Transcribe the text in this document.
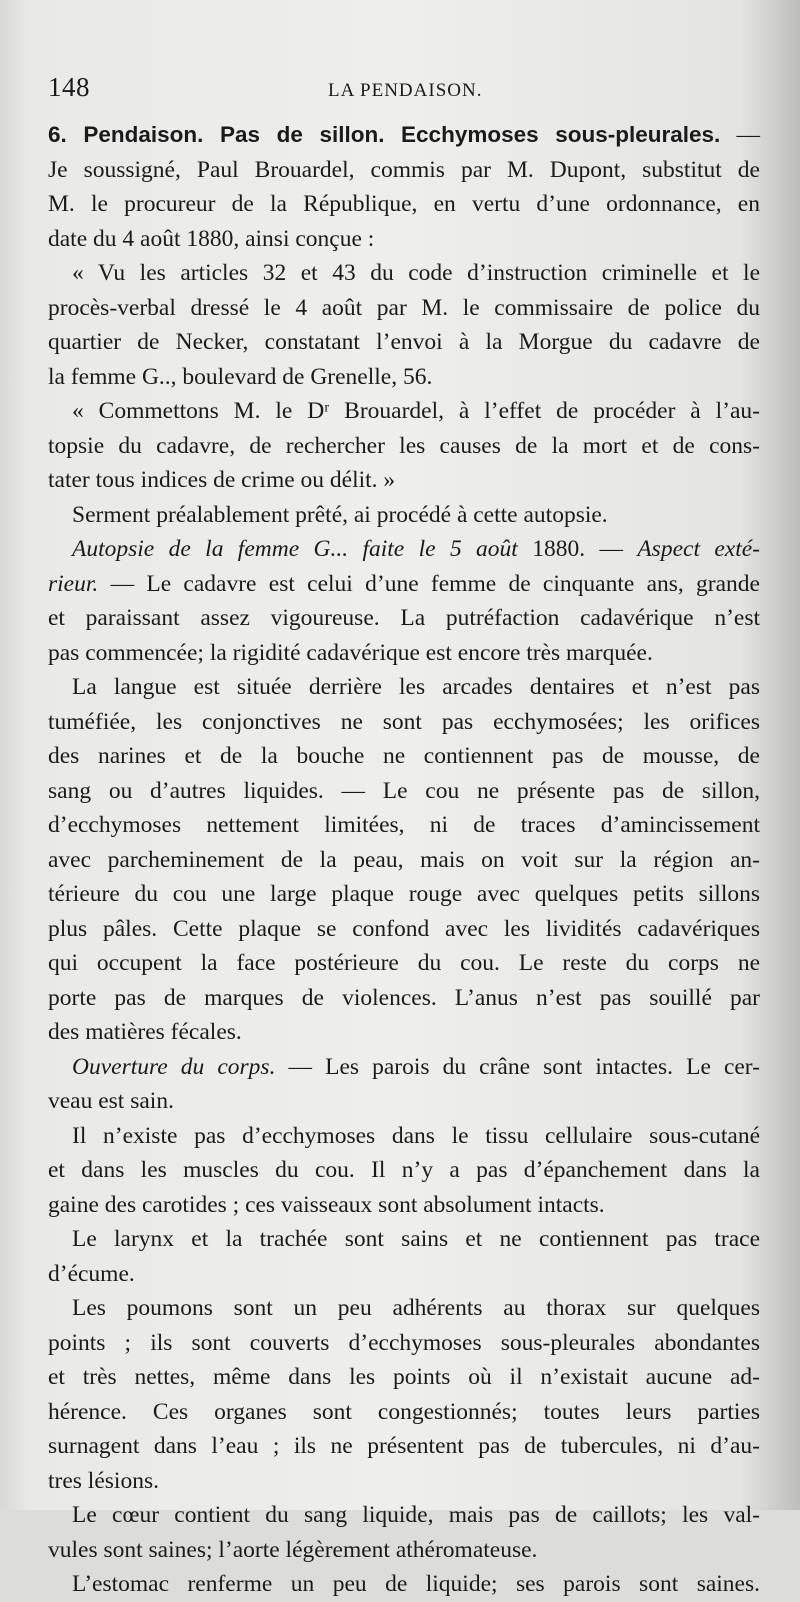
148	LA PENDAISON.
6. Pendaison. Pas de sillon. Ecchymoses sous-pleurales. —
Je soussigné, Paul Brouardel, commis par M. Dupont, substitut de
M. le procureur de la République, en vertu d’une ordonnance, en
date du 4 août 1880, ainsi conçue :
« Vu les articles 32 et 43 du code d’instruction criminelle et le
procès-verbal dressé le 4 août par M. le commissaire de police du
quartier de Necker, constatant l’envoi à la Morgue du cadavre de
la femme G.., boulevard de Grenelle, 56.
« Commettons M. le Dʳ Brouardel, à l’effet de procéder à l’au-
topsie du cadavre, de rechercher les causes de la mort et de cons-
tater tous indices de crime ou délit. »
Serment préalablement prêté, ai procédé à cette autopsie.
Autopsie de la femme G... faite le 5 août 1880. — Aspect exté-
rieur. — Le cadavre est celui d’une femme de cinquante ans, grande
et paraissant assez vigoureuse. La putréfaction cadavérique n’est
pas commencée; la rigidité cadavérique est encore très marquée.
La langue est située derrière les arcades dentaires et n’est pas
tuméfiée, les conjonctives ne sont pas ecchymosées; les orifices
des narines et de la bouche ne contiennent pas de mousse, de
sang ou d’autres liquides. — Le cou ne présente pas de sillon,
d’ecchymoses nettement limitées, ni de traces d’amincissement
avec parcheminement de la peau, mais on voit sur la région an-
térieure du cou une large plaque rouge avec quelques petits sillons
plus pâles. Cette plaque se confond avec les lividités cadavériques
qui occupent la face postérieure du cou. Le reste du corps ne
porte pas de marques de violences. L’anus n’est pas souillé par
des matières fécales.
Ouverture du corps. — Les parois du crâne sont intactes. Le cer-
veau est sain.
Il n’existe pas d’ecchymoses dans le tissu cellulaire sous-cutané
et dans les muscles du cou. Il n’y a pas d’épanchement dans la
gaine des carotides ; ces vaisseaux sont absolument intacts.
Le larynx et la trachée sont sains et ne contiennent pas trace
d’écume.
Les poumons sont un peu adhérents au thorax sur quelques
points ; ils sont couverts d’ecchymoses sous-pleurales abondantes
et très nettes, même dans les points où il n’existait aucune ad-
hérence. Ces organes sont congestionnés; toutes leurs parties
surnagent dans l’eau ; ils ne présentent pas de tubercules, ni d’au-
tres lésions.
Le cœur contient du sang liquide, mais pas de caillots; les val-
vules sont saines; l’aorte légèrement athéromateuse.
L’estomac renferme un peu de liquide; ses parois sont saines.
